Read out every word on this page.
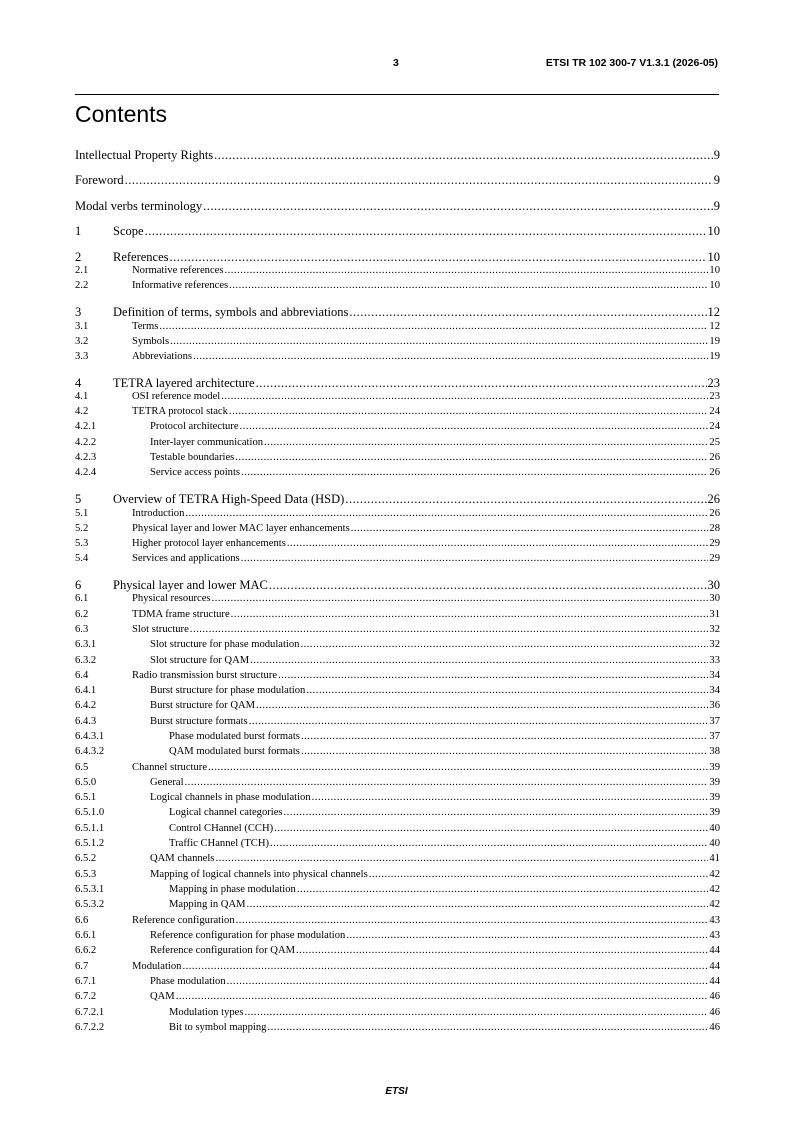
3	ETSI TR 102 300-7 V1.3.1 (2026-05)
Contents
Intellectual Property Rights .....	9
Foreword .....	9
Modal verbs terminology .....	9
1	Scope .....	10
2	References .....	10
2.1	Normative references .....	10
2.2	Informative references .....	10
3	Definition of terms, symbols and abbreviations .....	12
3.1	Terms .....	12
3.2	Symbols .....	19
3.3	Abbreviations .....	19
4	TETRA layered architecture .....	23
4.1	OSI reference model .....	23
4.2	TETRA protocol stack .....	24
4.2.1	Protocol architecture .....	24
4.2.2	Inter-layer communication .....	25
4.2.3	Testable boundaries .....	26
4.2.4	Service access points .....	26
5	Overview of TETRA High-Speed Data (HSD) .....	26
5.1	Introduction .....	26
5.2	Physical layer and lower MAC layer enhancements .....	28
5.3	Higher protocol layer enhancements .....	29
5.4	Services and applications .....	29
6	Physical layer and lower MAC .....	30
6.1	Physical resources .....	30
6.2	TDMA frame structure .....	31
6.3	Slot structure .....	32
6.3.1	Slot structure for phase modulation .....	32
6.3.2	Slot structure for QAM .....	33
6.4	Radio transmission burst structure .....	34
6.4.1	Burst structure for phase modulation .....	34
6.4.2	Burst structure for QAM .....	36
6.4.3	Burst structure formats .....	37
6.4.3.1	Phase modulated burst formats .....	37
6.4.3.2	QAM modulated burst formats .....	38
6.5	Channel structure .....	39
6.5.0	General .....	39
6.5.1	Logical channels in phase modulation .....	39
6.5.1.0	Logical channel categories .....	39
6.5.1.1	Control CHannel (CCH) .....	40
6.5.1.2	Traffic CHannel (TCH) .....	40
6.5.2	QAM channels .....	41
6.5.3	Mapping of logical channels into physical channels .....	42
6.5.3.1	Mapping in phase modulation .....	42
6.5.3.2	Mapping in QAM .....	42
6.6	Reference configuration .....	43
6.6.1	Reference configuration for phase modulation .....	43
6.6.2	Reference configuration for QAM .....	44
6.7	Modulation .....	44
6.7.1	Phase modulation .....	44
6.7.2	QAM .....	46
6.7.2.1	Modulation types .....	46
6.7.2.2	Bit to symbol mapping .....	46
ETSI
